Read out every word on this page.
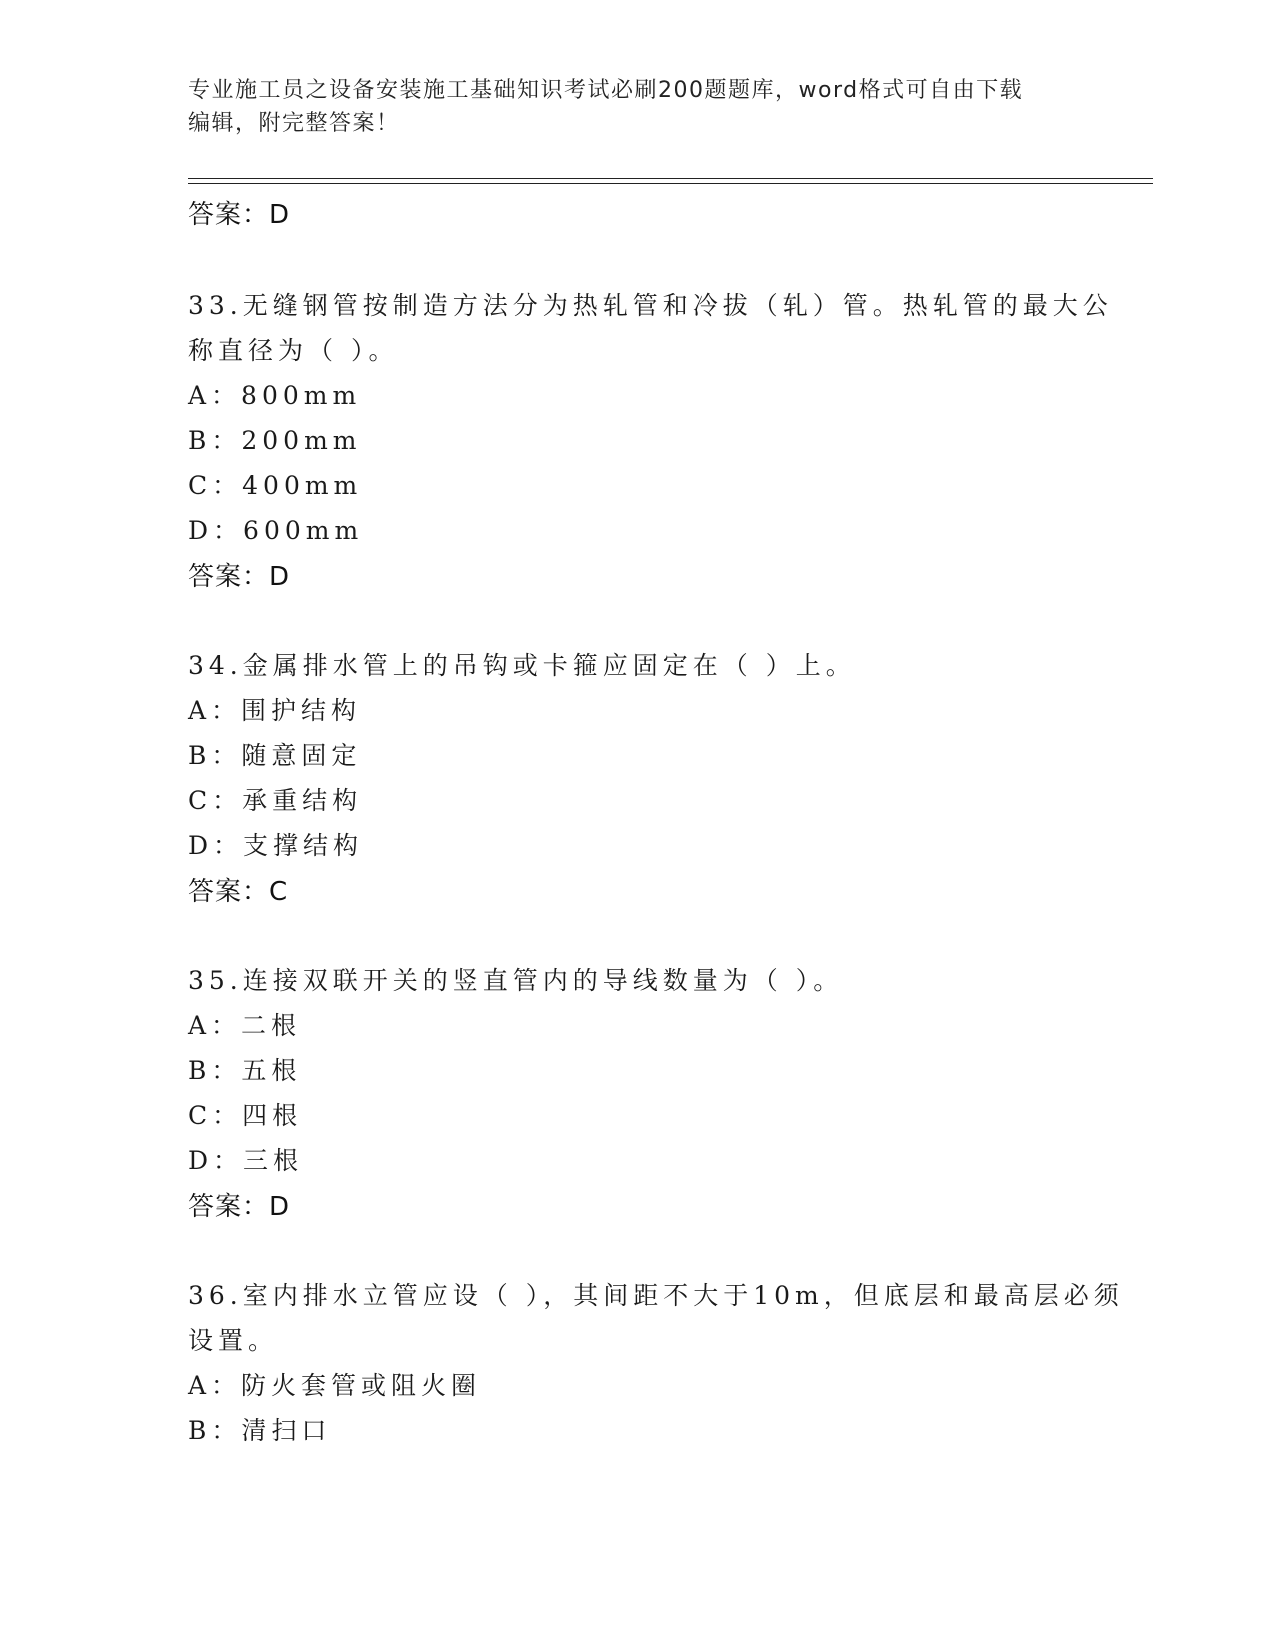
专业施工员之设备安装施工基础知识考试必刷200题题库，word格式可自由下载
编辑，附完整答案！
答案：D
33.无缝钢管按制造方法分为热轧管和冷拔（轧）管。热轧管的最大公
称直径为（ ）。
A：800mm
B：200mm
C：400mm
D：600mm
答案：D
34.金属排水管上的吊钩或卡箍应固定在（ ）上。
A：围护结构
B：随意固定
C：承重结构
D：支撑结构
答案：C
35.连接双联开关的竖直管内的导线数量为（ ）。
A：二根
B：五根
C：四根
D：三根
答案：D
36.室内排水立管应设（ ），其间距不大于10m，但底层和最高层必须
设置。
A：防火套管或阻火圈
B：清扫口
